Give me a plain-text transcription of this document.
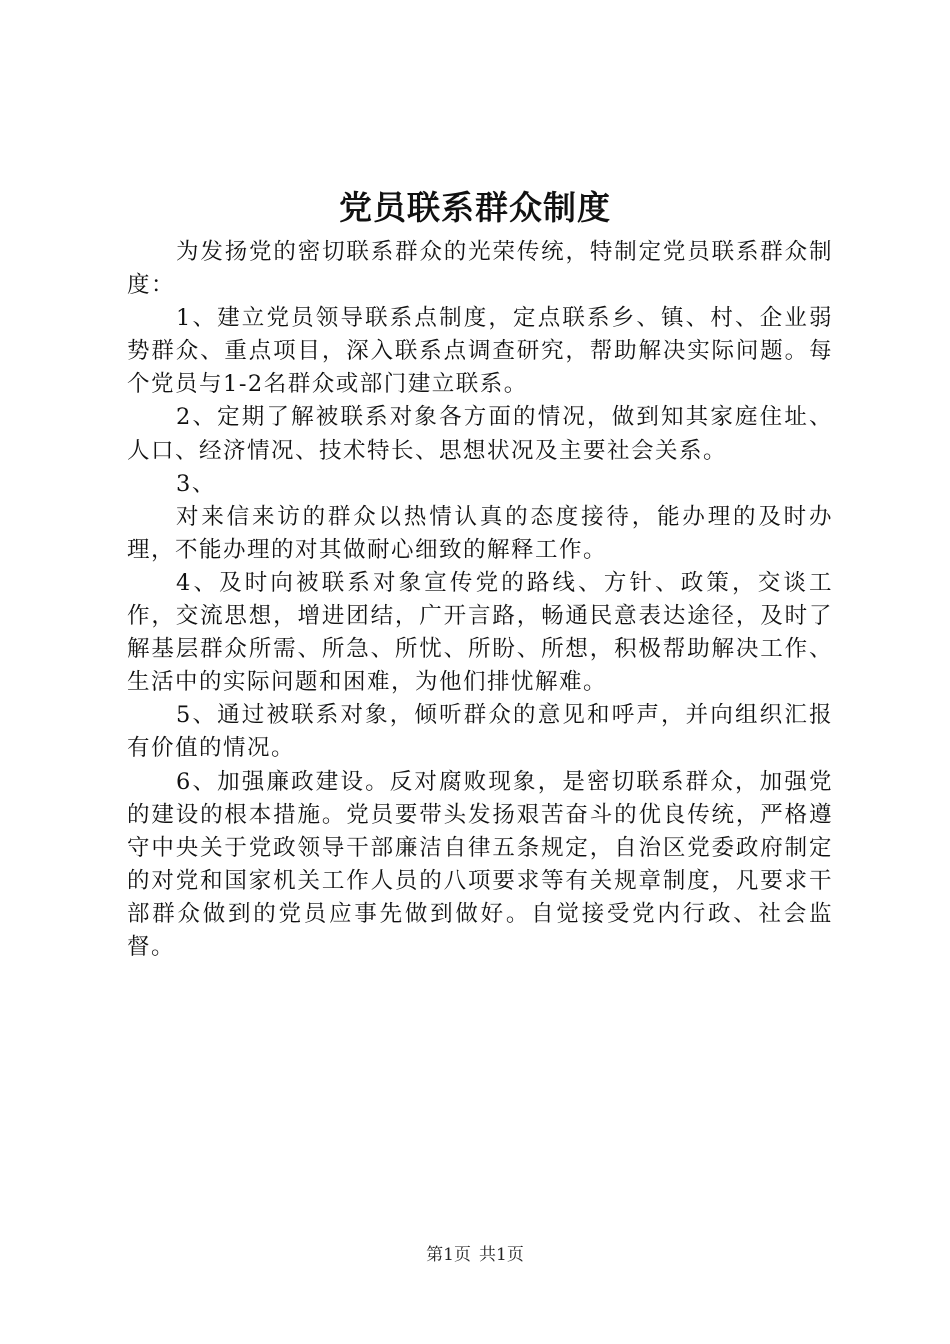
党员联系群众制度

为发扬党的密切联系群众的光荣传统，特制定党员联系群众制度：

1、建立党员领导联系点制度，定点联系乡、镇、村、企业弱势群众、重点项目，深入联系点调查研究，帮助解决实际问题。每个党员与1-2名群众或部门建立联系。

2、定期了解被联系对象各方面的情况，做到知其家庭住址、人口、经济情况、技术特长、思想状况及主要社会关系。

3、

对来信来访的群众以热情认真的态度接待，能办理的及时办理，不能办理的对其做耐心细致的解释工作。

4、及时向被联系对象宣传党的路线、方针、政策，交谈工作，交流思想，增进团结，广开言路，畅通民意表达途径，及时了解基层群众所需、所急、所忧、所盼、所想，积极帮助解决工作、生活中的实际问题和困难，为他们排忧解难。

5、通过被联系对象，倾听群众的意见和呼声，并向组织汇报有价值的情况。

6、加强廉政建设。反对腐败现象，是密切联系群众，加强党的建设的根本措施。党员要带头发扬艰苦奋斗的优良传统，严格遵守中央关于党政领导干部廉洁自律五条规定，自治区党委政府制定的对党和国家机关工作人员的八项要求等有关规章制度，凡要求干部群众做到的党员应事先做到做好。自觉接受党内行政、社会监督。

第1页 共1页
